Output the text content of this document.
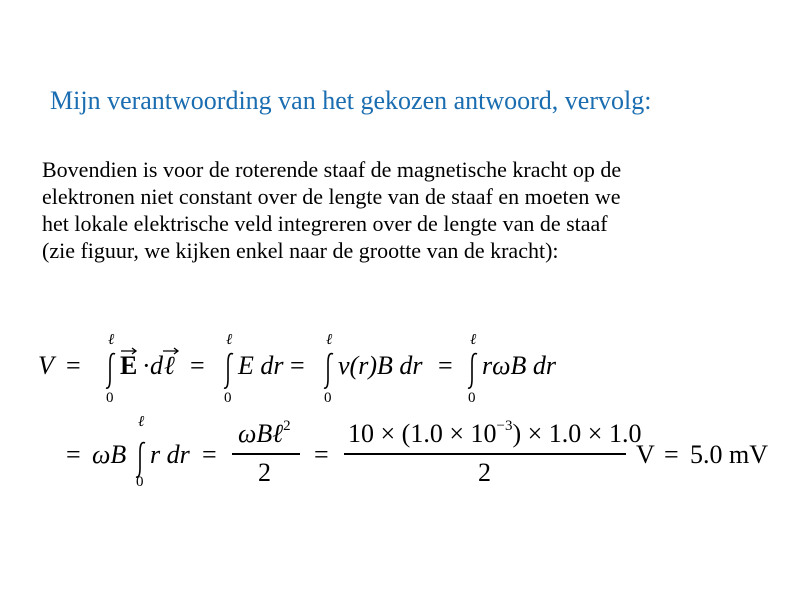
Mijn verantwoording van het gekozen antwoord, vervolg:
Bovendien is voor de roterende staaf de magnetische kracht op de
elektronen niet constant over de lengte van de staaf en moeten we
het lokale elektrische veld integreren over de lengte van de staaf
(zie figuur, we kijken enkel naar de grootte van de kracht):
V =
ℓ
0
E · d ℓ =
ℓ
0
E dr =
ℓ
0
v(r)B dr =
ℓ
0
rωB dr
= ωB
ℓ
0
r dr =
ωBℓ$^2$
2
=
$10 \times (1.0 \times 10^{-3}) \times 1.0 \times 1.0$
2
V = 5.0 mV
